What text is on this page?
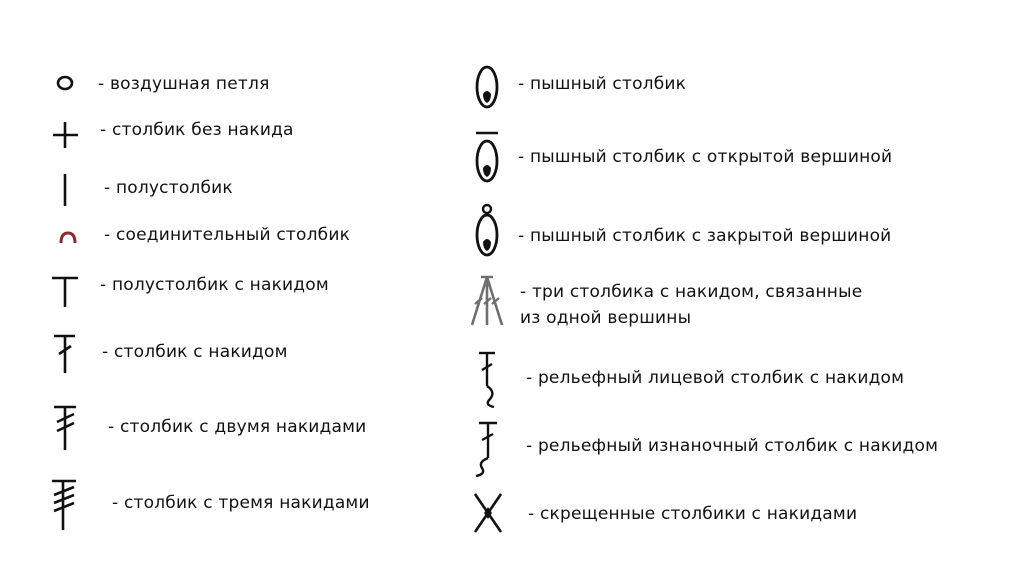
- воздушная петля
- столбик без накида
- полустолбик
- соединительный столбик
- полустолбик с накидом
- столбик с накидом
- столбик с двумя накидами
- столбик с тремя накидами
- пышный столбик
- пышный столбик с открытой вершиной
- пышный столбик с закрытой вершиной
- три столбика с накидом, связанные
из одной вершины
- рельефный лицевой столбик с накидом
- рельефный изнаночный столбик с накидом
- скрещенные столбики с накидами
